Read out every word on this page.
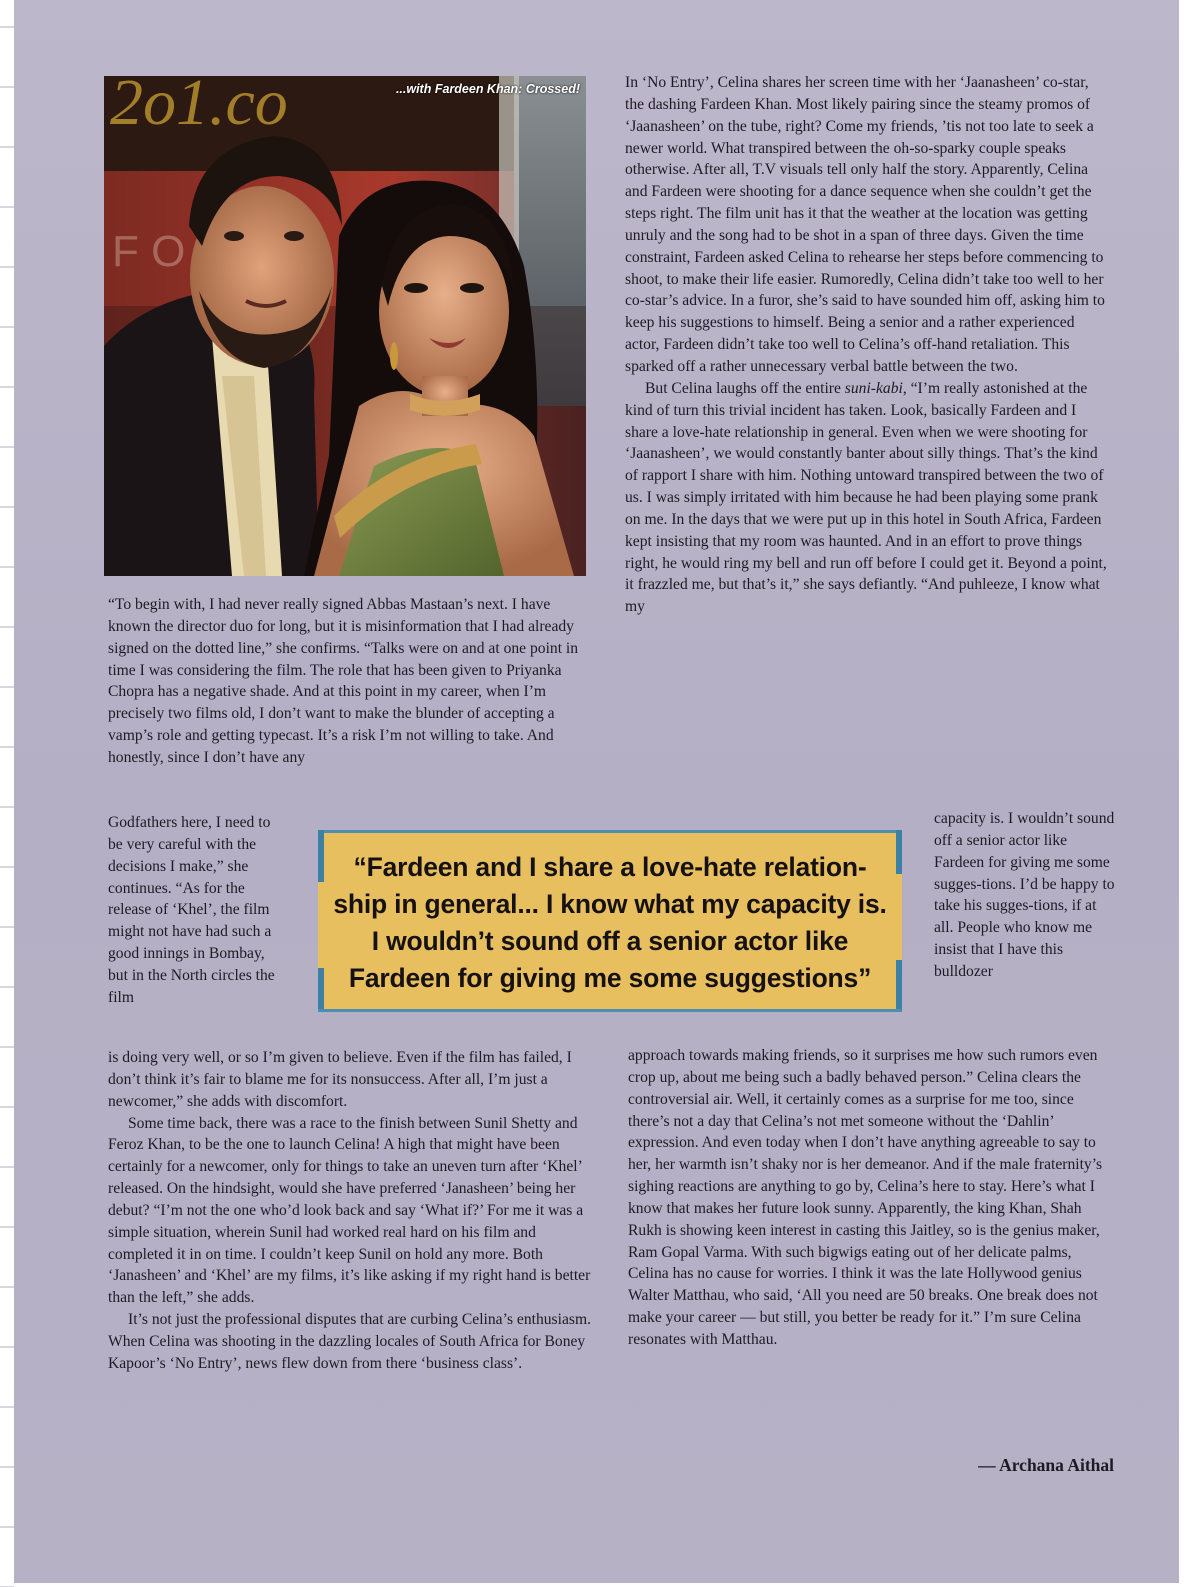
2o1.co
F O
...with Fardeen Khan: Crossed!	In ‘No Entry’, Celina shares her screen time with her ‘Jaanasheen’ co-star, the dashing Fardeen Khan. Most likely pairing since the steamy promos of ‘Jaanasheen’ on the tube, right? Come my friends, ’tis not too late to seek a newer world. What transpired between the oh-so-sparky couple speaks otherwise. After all, T.V visuals tell only half the story. Apparently, Celina and Fardeen were shooting for a dance sequence when she couldn’t get the steps right. The film unit has it that the weather at the location was getting unruly and the song had to be shot in a span of three days. Given the time constraint, Fardeen asked Celina to rehearse her steps before commencing to shoot, to make their life easier. Rumoredly, Celina didn’t take too well to her co-star’s advice. In a furor, she’s said to have sounded him off, asking him to keep his suggestions to himself. Being a senior and a rather experienced actor, Fardeen didn’t take too well to Celina’s off-hand retaliation. This sparked off a rather unnecessary verbal battle between the two.

But Celina laughs off the entire suni-kabi, “I’m really astonished at the kind of turn this trivial incident has taken. Look, basically Fardeen and I share a love-hate relationship in general. Even when we were shooting for ‘Jaanasheen’, we would constantly banter about silly things. That’s the kind of rapport I share with him. Nothing untoward transpired between the two of us. I was simply irritated with him because he had been playing some prank on me. In the days that we were put up in this hotel in South Africa, Fardeen kept insisting that my room was haunted. And in an effort to prove things right, he would ring my bell and run off before I could get it. Beyond a point, it frazzled me, but that’s it,” she says defiantly. “And puhleeze, I know what my

“To begin with, I had never really signed Abbas Mastaan’s next. I have known the director duo for long, but it is misinformation that I had already signed on the dotted line,” she confirms. “Talks were on and at one point in time I was considering the film. The role that has been given to Priyanka Chopra has a negative shade. And at this point in my career, when I’m precisely two films old, I don’t want to make the blunder of accepting a vamp’s role and getting typecast. It’s a risk I’m not willing to take. And honestly, since I don’t have any

Godfathers here, I need to be very careful with the decisions I make,” she continues. “As for the release of ‘Khel’, the film might not have had such a good innings in Bombay, but in the North circles the film

capacity is. I wouldn’t sound off a senior actor like Fardeen for giving me some sugges-tions. I’d be happy to take his sugges-tions, if at all. People who know me insist that I have this bulldozer

“Fardeen and I share a love-hate relation-
ship in general... I know what my capacity is.
I wouldn’t sound off a senior actor like
Fardeen for giving me some suggestions”

is doing very well, or so I’m given to believe. Even if the film has failed, I don’t think it’s fair to blame me for its nonsuccess. After all, I’m just a newcomer,” she adds with discomfort.

Some time back, there was a race to the finish between Sunil Shetty and Feroz Khan, to be the one to launch Celina! A high that might have been certainly for a newcomer, only for things to take an uneven turn after ‘Khel’ released. On the hindsight, would she have preferred ‘Janasheen’ being her debut? “I’m not the one who’d look back and say ‘What if?’ For me it was a simple situation, wherein Sunil had worked real hard on his film and completed it in on time. I couldn’t keep Sunil on hold any more. Both ‘Janasheen’ and ‘Khel’ are my films, it’s like asking if my right hand is better than the left,” she adds.

It’s not just the professional disputes that are curbing Celina’s enthusiasm. When Celina was shooting in the dazzling locales of South Africa for Boney Kapoor’s ‘No Entry’, news flew down from there ‘business class’.

approach towards making friends, so it surprises me how such rumors even crop up, about me being such a badly behaved person.” Celina clears the controversial air. Well, it certainly comes as a surprise for me too, since there’s not a day that Celina’s not met someone without the ‘Dahlin’ expression. And even today when I don’t have anything agreeable to say to her, her warmth isn’t shaky nor is her demeanor. And if the male fraternity’s sighing reactions are anything to go by, Celina’s here to stay. Here’s what I know that makes her future look sunny. Apparently, the king Khan, Shah Rukh is showing keen interest in casting this Jaitley, so is the genius maker, Ram Gopal Varma. With such bigwigs eating out of her delicate palms, Celina has no cause for worries. I think it was the late Hollywood genius Walter Matthau, who said, ‘All you need are 50 breaks. One break does not make your career — but still, you better be ready for it.” I’m sure Celina resonates with Matthau.

— Archana Aithal
